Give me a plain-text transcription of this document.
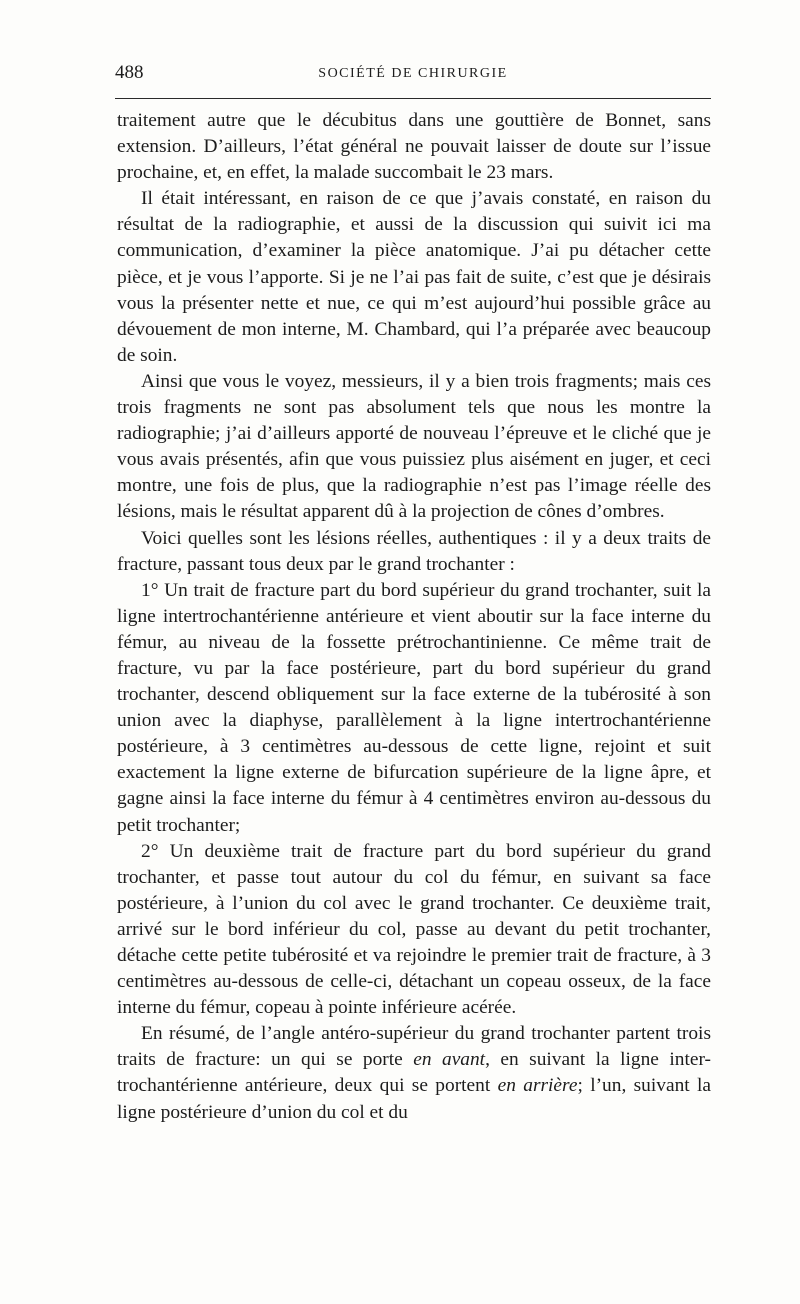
488	SOCIÉTÉ DE CHIRURGIE

traitement autre que le décubitus dans une gouttière de Bonnet, sans extension. D’ailleurs, l’état général ne pouvait laisser de doute sur l’issue prochaine, et, en effet, la malade succombait le 23 mars.

Il était intéressant, en raison de ce que j’avais constaté, en raison du résultat de la radiographie, et aussi de la discussion qui suivit ici ma communication, d’examiner la pièce anatomique. J’ai pu détacher cette pièce, et je vous l’apporte. Si je ne l’ai pas fait de suite, c’est que je désirais vous la présenter nette et nue, ce qui m’est aujourd’hui possible grâce au dévouement de mon interne, M. Chambard, qui l’a préparée avec beaucoup de soin.

Ainsi que vous le voyez, messieurs, il y a bien trois fragments; mais ces trois fragments ne sont pas absolument tels que nous les montre la radiographie; j’ai d’ailleurs apporté de nouveau l’épreuve et le cliché que je vous avais présentés, afin que vous puissiez plus aisément en juger, et ceci montre, une fois de plus, que la radiographie n’est pas l’image réelle des lésions, mais le résultat apparent dû à la projection de cônes d’ombres.

Voici quelles sont les lésions réelles, authentiques : il y a deux traits de fracture, passant tous deux par le grand trochanter :

1° Un trait de fracture part du bord supérieur du grand trochanter, suit la ligne intertrochantérienne antérieure et vient aboutir sur la face interne du fémur, au niveau de la fossette prétrochantinienne. Ce même trait de fracture, vu par la face postérieure, part du bord supérieur du grand trochanter, descend obliquement sur la face externe de la tubérosité à son union avec la diaphyse, parallèlement à la ligne intertrochantérienne postérieure, à 3 centimètres au-dessous de cette ligne, rejoint et suit exactement la ligne externe de bifurcation supérieure de la ligne âpre, et gagne ainsi la face interne du fémur à 4 centimètres environ au-dessous du petit trochanter;

2° Un deuxième trait de fracture part du bord supérieur du grand trochanter, et passe tout autour du col du fémur, en suivant sa face postérieure, à l’union du col avec le grand trochanter. Ce deuxième trait, arrivé sur le bord inférieur du col, passe au devant du petit trochanter, détache cette petite tubérosité et va rejoindre le premier trait de fracture, à 3 centimètres au-dessous de celle-ci, détachant un copeau osseux, de la face interne du fémur, copeau à pointe inférieure acérée.

En résumé, de l’angle antéro-supérieur du grand trochanter partent trois traits de fracture: un qui se porte en avant, en suivant la ligne inter-trochantérienne antérieure, deux qui se portent en arrière; l’un, suivant la ligne postérieure d’union du col et du
